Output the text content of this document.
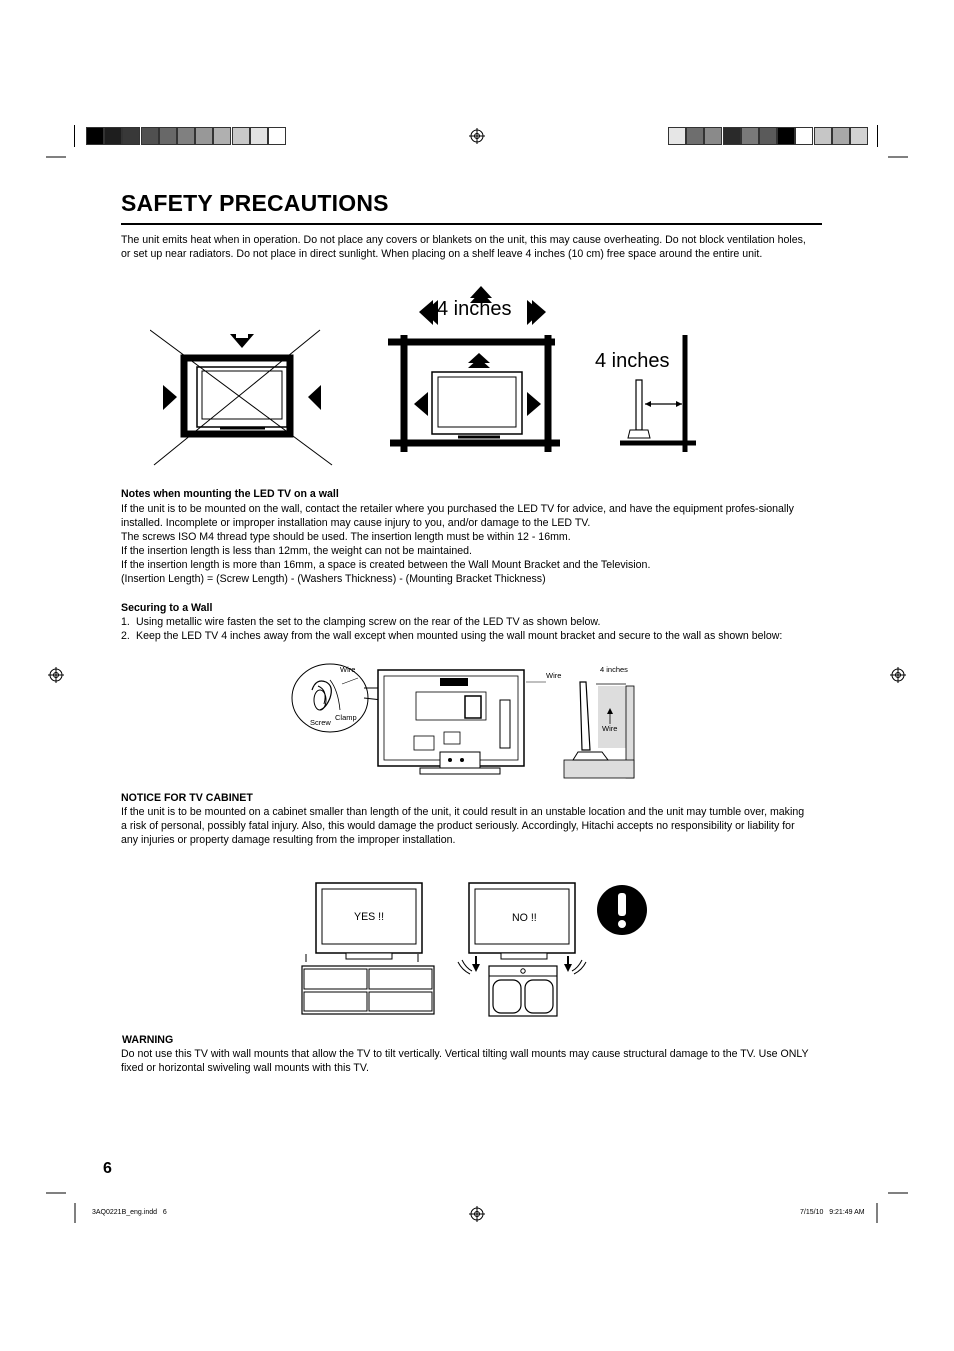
SAFETY PRECAUTIONS
The unit emits heat when in operation. Do not place any covers or blankets on the unit, this may cause overheating. Do not block ventilation holes, or set up near radiators. Do not place in direct sunlight. When placing on a shelf leave 4 inches (10 cm) free space around the entire unit.
4 inches
4 inches
Notes when mounting the LED TV on a wall
If the unit is to be mounted on the wall, contact the retailer where you purchased the LED TV for advice, and have the equipment profes-sionally installed. Incomplete or improper installation may cause injury to you, and/or damage to the LED TV.
The screws ISO M4 thread type should be used. The insertion length must be within 12 - 16mm.
If the insertion length is less than 12mm, the weight can not be maintained.
If the insertion length is more than 16mm, a space is created between the Wall Mount Bracket and the Television.
(Insertion Length) = (Screw Length) - (Washers Thickness) - (Mounting Bracket Thickness)
Securing to a Wall
1. Using metallic wire fasten the set to the clamping screw on the rear of the LED TV as shown below.
2. Keep the LED TV 4 inches away from the wall except when mounted using the wall mount bracket and secure to the wall as shown below:
Wire
Screw
Clamp
Wire
4 inches
Wire
NOTICE FOR TV CABINET
If the unit is to be mounted on a cabinet smaller than length of the unit, it could result in an unstable location and the unit may tumble over, making a risk of personal, possibly fatal injury. Also, this would damage the product seriously. Accordingly, Hitachi accepts no responsibility or liability for any injuries or property damage resulting from the improper installation.
YES !!	NO !!
WARNING
Do not use this TV with wall mounts that allow the TV to tilt vertically. Vertical tilting wall mounts may cause structural damage to the TV. Use ONLY fixed or horizontal swiveling wall mounts with this TV.
6
3AQ0221B_eng.indd   6	7/15/10   9:21:49 AM
